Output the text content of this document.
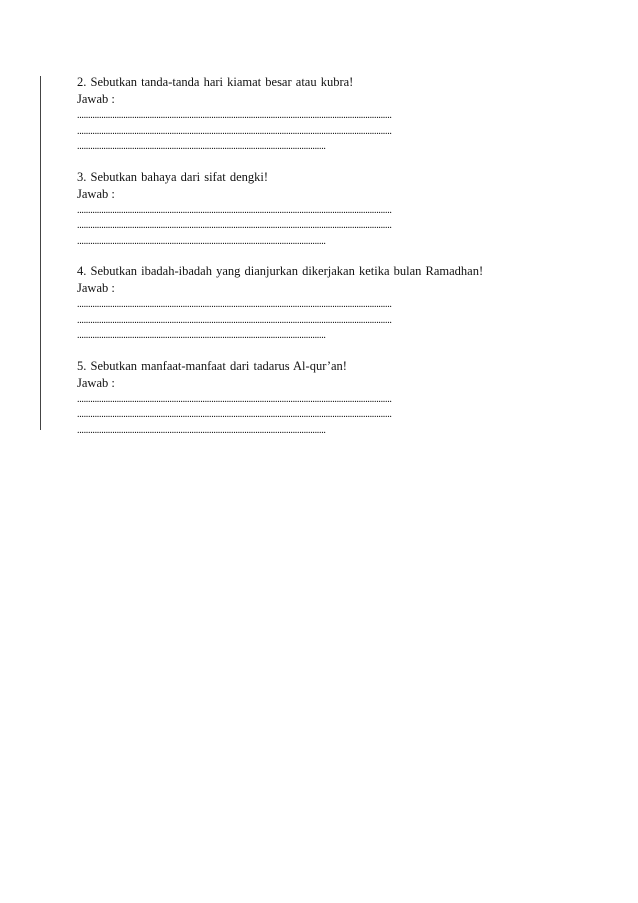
2. Sebutkan tanda-tanda hari kiamat besar atau kubra!
Jawab :
...............................................................................................................................................
...............................................................................................................................................
.................................................................................................................
3. Sebutkan bahaya dari sifat dengki!
Jawab :
...............................................................................................................................................
...............................................................................................................................................
.................................................................................................................
4. Sebutkan ibadah-ibadah yang dianjurkan dikerjakan ketika bulan Ramadhan!
Jawab :
...............................................................................................................................................
...............................................................................................................................................
.................................................................................................................
5. Sebutkan manfaat-manfaat dari tadarus Al-qur’an!
Jawab :
...............................................................................................................................................
...............................................................................................................................................
.................................................................................................................
